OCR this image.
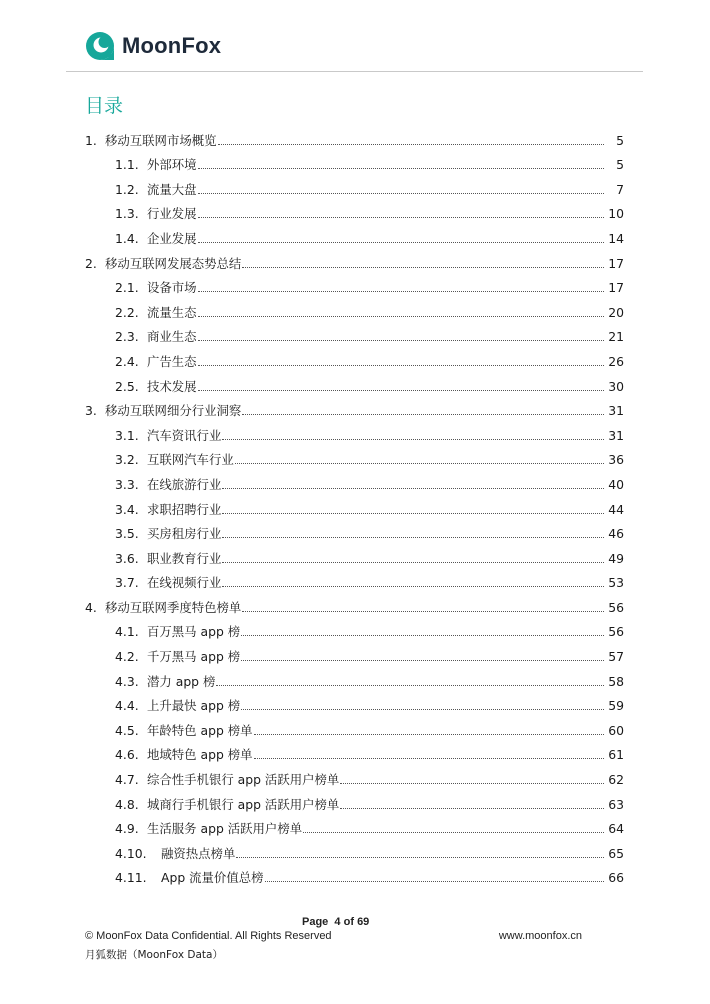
MoonFox
目录
1. 移动互联网市场概览	5
1.1. 外部环境	5
1.2. 流量大盘	7
1.3. 行业发展	10
1.4. 企业发展	14
2. 移动互联网发展态势总结	17
2.1. 设备市场	17
2.2. 流量生态	20
2.3. 商业生态	21
2.4. 广告生态	26
2.5. 技术发展	30
3. 移动互联网细分行业洞察	31
3.1. 汽车资讯行业	31
3.2. 互联网汽车行业	36
3.3. 在线旅游行业	40
3.4. 求职招聘行业	44
3.5. 买房租房行业	46
3.6. 职业教育行业	49
3.7. 在线视频行业	53
4. 移动互联网季度特色榜单	56
4.1. 百万黑马 app 榜	56
4.2. 千万黑马 app 榜	57
4.3. 潜力 app 榜	58
4.4. 上升最快 app 榜	59
4.5. 年龄特色 app 榜单	60
4.6. 地域特色 app 榜单	61
4.7. 综合性手机银行 app 活跃用户榜单	62
4.8. 城商行手机银行 app 活跃用户榜单	63
4.9. 生活服务 app 活跃用户榜单	64
4.10.	融资热点榜单	65
4.11.	App 流量价值总榜	66
Page 4 of 69
© MoonFox Data Confidential. All Rights Reserved	www.moonfox.cn
月狐数据（MoonFox Data）
